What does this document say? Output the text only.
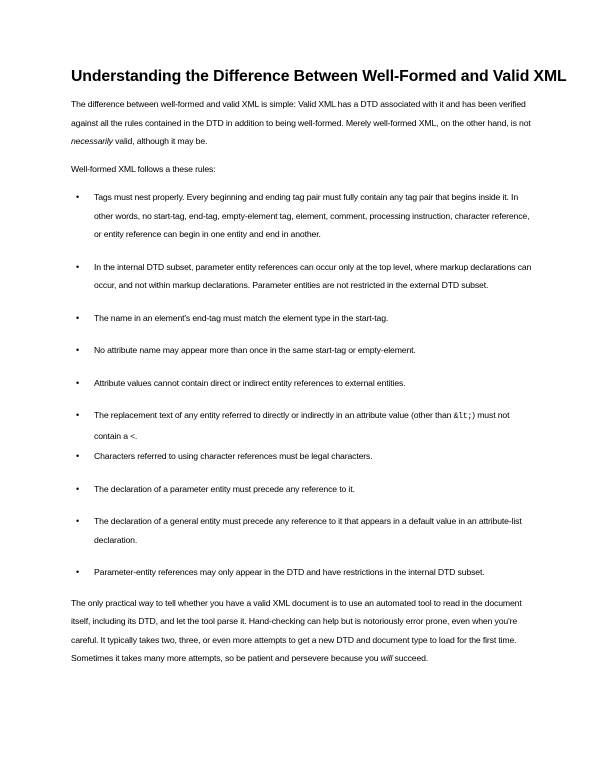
Understanding the Difference Between Well-Formed and Valid XML

The difference between well-formed and valid XML is simple: Valid XML has a DTD associated with it and has been verified against all the rules contained in the DTD in addition to being well-formed. Merely well-formed XML, on the other hand, is not necessarily valid, although it may be.

Well-formed XML follows a these rules:

• Tags must nest properly. Every beginning and ending tag pair must fully contain any tag pair that begins inside it. In other words, no start-tag, end-tag, empty-element tag, element, comment, processing instruction, character reference, or entity reference can begin in one entity and end in another.
• In the internal DTD subset, parameter entity references can occur only at the top level, where markup declarations can occur, and not within markup declarations. Parameter entities are not restricted in the external DTD subset.
• The name in an element's end-tag must match the element type in the start-tag.
• No attribute name may appear more than once in the same start-tag or empty-element.
• Attribute values cannot contain direct or indirect entity references to external entities.
• The replacement text of any entity referred to directly or indirectly in an attribute value (other than &lt;) must not contain a <.
• Characters referred to using character references must be legal characters.
• The declaration of a parameter entity must precede any reference to it.
• The declaration of a general entity must precede any reference to it that appears in a default value in an attribute-list declaration.
• Parameter-entity references may only appear in the DTD and have restrictions in the internal DTD subset.

The only practical way to tell whether you have a valid XML document is to use an automated tool to read in the document itself, including its DTD, and let the tool parse it. Hand-checking can help but is notoriously error prone, even when you're careful. It typically takes two, three, or even more attempts to get a new DTD and document type to load for the first time. Sometimes it takes many more attempts, so be patient and persevere because you will succeed.
